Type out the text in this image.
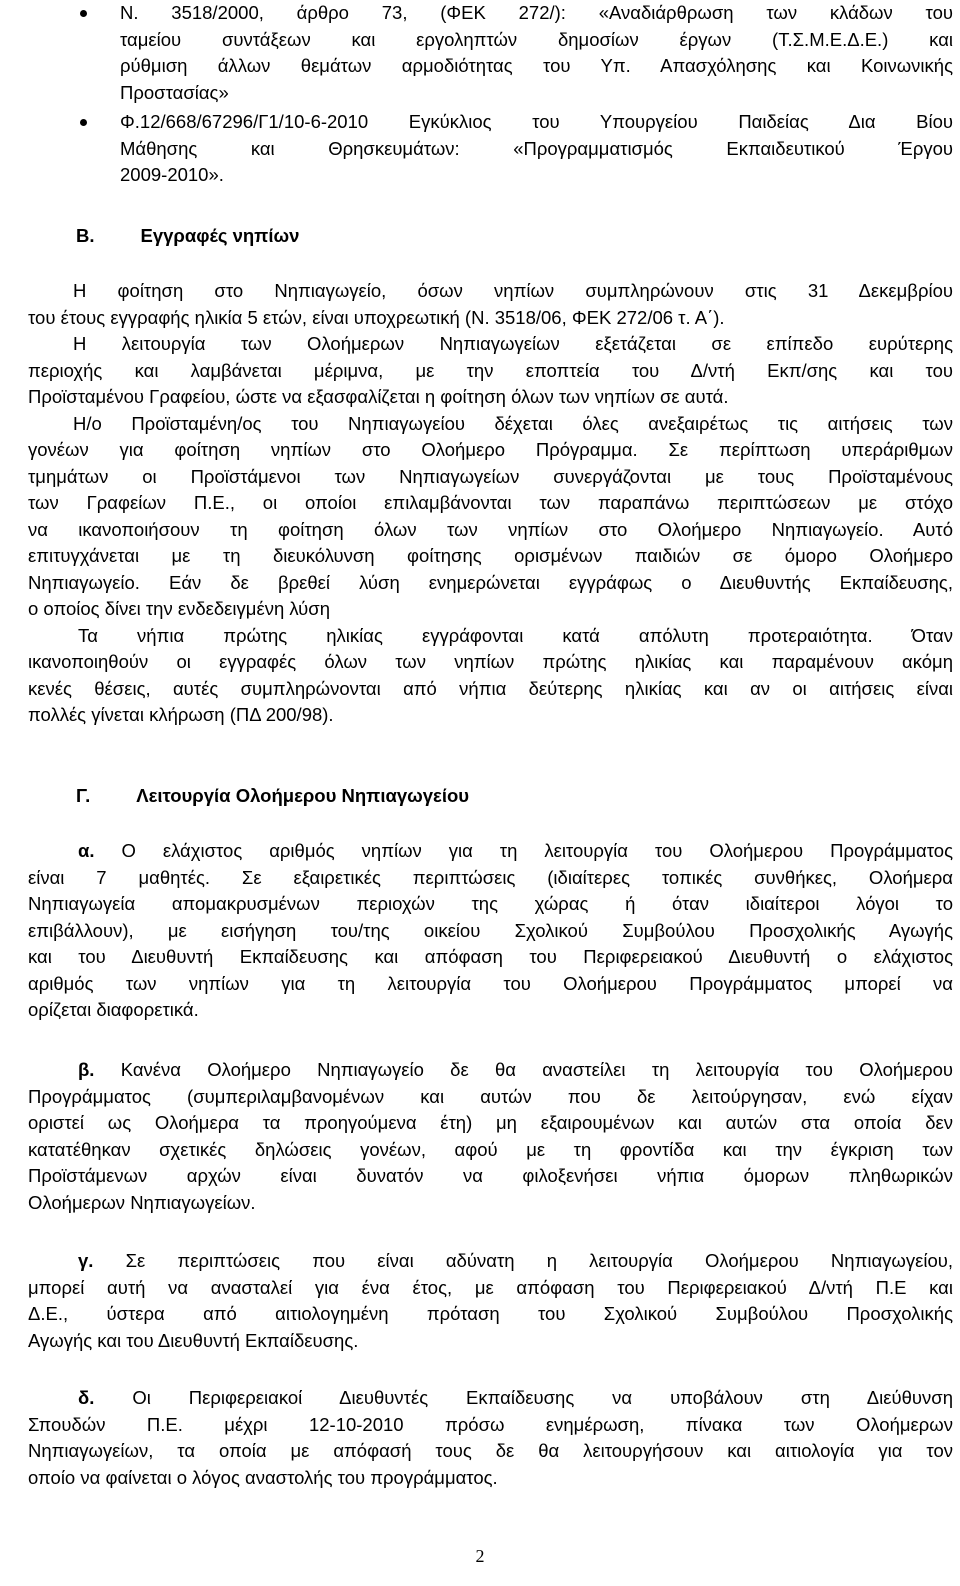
Ν. 3518/2000, άρθρο 73, (ΦΕΚ 272/): «Αναδιάρθρωση των κλάδων του
ταμείου συντάξεων και εργοληπτών δημοσίων έργων (Τ.Σ.Μ.Ε.Δ.Ε.) και
ρύθμιση άλλων θεμάτων αρμοδιότητας του Υπ. Απασχόλησης και Κοινωνικής
Προστασίας»
Φ.12/668/67296/Γ1/10-6-2010 Εγκύκλιος του Υπουργείου Παιδείας Δια Βίου
Μάθησης και Θρησκευμάτων: «Προγραμματισμός Εκπαιδευτικού Έργου
2009-2010».
Β. Εγγραφές νηπίων
Η φοίτηση στο Νηπιαγωγείο, όσων νηπίων συμπληρώνουν στις 31 Δεκεμβρίου
του έτους εγγραφής ηλικία 5 ετών, είναι υποχρεωτική (Ν. 3518/06, ΦΕΚ 272/06 τ. Α΄).
Η λειτουργία των Ολοήμερων Νηπιαγωγείων εξετάζεται σε επίπεδο ευρύτερης
περιοχής και λαμβάνεται μέριμνα, με την εποπτεία του Δ/ντή Εκπ/σης και του
Προϊσταμένου Γραφείου, ώστε να εξασφαλίζεται η φοίτηση όλων των νηπίων σε αυτά.
Η/ο Προϊσταμένη/ος του Νηπιαγωγείου δέχεται όλες ανεξαιρέτως τις αιτήσεις των
γονέων για φοίτηση νηπίων στο Ολοήμερο Πρόγραμμα. Σε περίπτωση υπεράριθμων
τμημάτων οι Προϊστάμενοι των Νηπιαγωγείων συνεργάζονται με τους Προϊσταμένους
των Γραφείων Π.Ε., οι οποίοι επιλαμβάνονται των παραπάνω περιπτώσεων με στόχο
να ικανοποιήσουν τη φοίτηση όλων των νηπίων στο Ολοήμερο Νηπιαγωγείο. Αυτό
επιτυγχάνεται με τη διευκόλυνση φοίτησης ορισμένων παιδιών σε όμορο Ολοήμερο
Νηπιαγωγείο. Εάν δε βρεθεί λύση ενημερώνεται εγγράφως ο Διευθυντής Εκπαίδευσης,
ο οποίος δίνει την ενδεδειγμένη λύση
Τα νήπια πρώτης ηλικίας εγγράφονται κατά απόλυτη προτεραιότητα. Όταν
ικανοποιηθούν οι εγγραφές όλων των νηπίων πρώτης ηλικίας και παραμένουν ακόμη
κενές θέσεις, αυτές συμπληρώνονται από νήπια δεύτερης ηλικίας και αν οι αιτήσεις είναι
πολλές γίνεται κλήρωση (ΠΔ 200/98).
Γ. Λειτουργία Ολοήμερου Νηπιαγωγείου
α. Ο ελάχιστος αριθμός νηπίων για τη λειτουργία του Ολοήμερου Προγράμματος
είναι 7 μαθητές. Σε εξαιρετικές περιπτώσεις (ιδιαίτερες τοπικές συνθήκες, Ολοήμερα
Νηπιαγωγεία απομακρυσμένων περιοχών της χώρας ή όταν ιδιαίτεροι λόγοι το
επιβάλλουν), με εισήγηση του/της οικείου Σχολικού Συμβούλου Προσχολικής Αγωγής
και του Διευθυντή Εκπαίδευσης και απόφαση του Περιφερειακού Διευθυντή ο ελάχιστος
αριθμός των νηπίων για τη λειτουργία του Ολοήμερου Προγράμματος μπορεί να
ορίζεται διαφορετικά.
β. Κανένα Ολοήμερο Νηπιαγωγείο δε θα αναστείλει τη λειτουργία του Ολοήμερου
Προγράμματος (συμπεριλαμβανομένων και αυτών που δε λειτούργησαν, ενώ είχαν
οριστεί ως Ολοήμερα τα προηγούμενα έτη) μη εξαιρουμένων και αυτών στα οποία δεν
κατατέθηκαν σχετικές δηλώσεις γονέων, αφού με τη φροντίδα και την έγκριση των
Προϊστάμενων αρχών είναι δυνατόν να φιλοξενήσει νήπια όμορων πληθωρικών
Ολοήμερων Νηπιαγωγείων.
γ. Σε περιπτώσεις που είναι αδύνατη η λειτουργία Ολοήμερου Νηπιαγωγείου,
μπορεί αυτή να ανασταλεί για ένα έτος, με απόφαση του Περιφερειακού Δ/ντή Π.Ε και
Δ.Ε., ύστερα από αιτιολογημένη πρόταση του Σχολικού Συμβούλου Προσχολικής
Αγωγής και του Διευθυντή Εκπαίδευσης.
δ. Οι Περιφερειακοί Διευθυντές Εκπαίδευσης να υποβάλουν στη Διεύθυνση
Σπουδών Π.Ε. μέχρι 12-10-2010 πρόσω ενημέρωση, πίνακα των Ολοήμερων
Νηπιαγωγείων, τα οποία με απόφασή τους δε θα λειτουργήσουν και αιτιολογία για τον
οποίο να φαίνεται ο λόγος αναστολής του προγράμματος.
2
